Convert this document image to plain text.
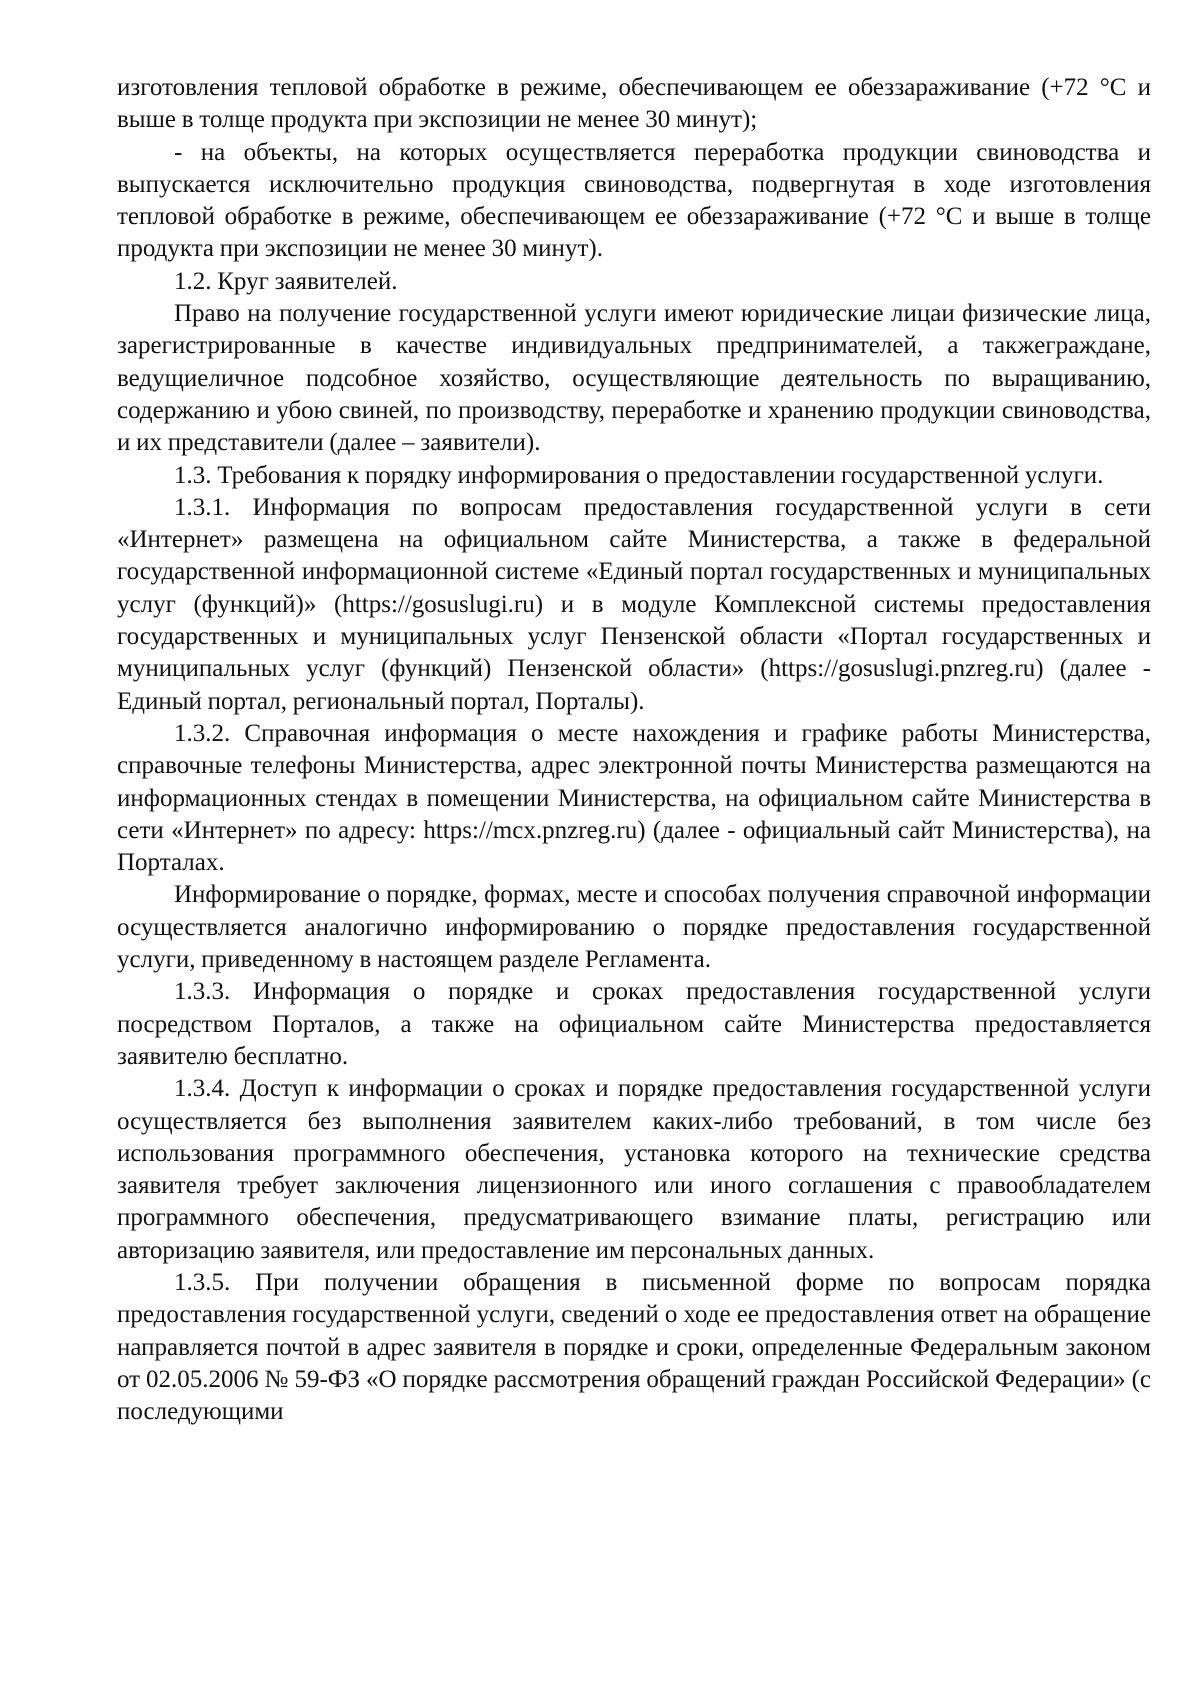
изготовления тепловой обработке в режиме, обеспечивающем ее обеззараживание (+72 °С и выше в толще продукта при экспозиции не менее 30 минут);

- на объекты, на которых осуществляется переработка продукции свиноводства и выпускается исключительно продукция свиноводства, подвергнутая в ходе изготовления тепловой обработке в режиме, обеспечивающем ее обеззараживание (+72 °С и выше в толще продукта при экспозиции не менее 30 минут).

1.2. Круг заявителей.

Право на получение государственной услуги имеют юридические лицаи физические лица, зарегистрированные в качестве индивидуальных предпринимателей, а такжеграждане, ведущиеличное подсобное хозяйство, осуществляющие деятельность по выращиванию, содержанию и убою свиней, по производству, переработке и хранению продукции свиноводства, и их представители (далее – заявители).

1.3. Требования к порядку информирования о предоставлении государственной услуги.

1.3.1. Информация по вопросам предоставления государственной услуги в сети «Интернет» размещена на официальном сайте Министерства, а также в федеральной государственной информационной системе «Единый портал государственных и муниципальных услуг (функций)» (https://gosuslugi.ru) и в модуле Комплексной системы предоставления государственных и муниципальных услуг Пензенской области «Портал государственных и муниципальных услуг (функций) Пензенской области» (https://gosuslugi.pnzreg.ru) (далее - Единый портал, региональный портал, Порталы).

1.3.2. Справочная информация о месте нахождения и графике работы Министерства, справочные телефоны Министерства, адрес электронной почты Министерства размещаются на информационных стендах в помещении Министерства, на официальном сайте Министерства в сети «Интернет» по адресу: https://mcx.pnzreg.ru) (далее - официальный сайт Министерства), на Порталах.

Информирование о порядке, формах, месте и способах получения справочной информации осуществляется аналогично информированию о порядке предоставления государственной услуги, приведенному в настоящем разделе Регламента.

1.3.3. Информация о порядке и сроках предоставления государственной услуги посредством Порталов, а также на официальном сайте Министерства предоставляется заявителю бесплатно.

1.3.4. Доступ к информации о сроках и порядке предоставления государственной услуги осуществляется без выполнения заявителем каких-либо требований, в том числе без использования программного обеспечения, установка которого на технические средства заявителя требует заключения лицензионного или иного соглашения с правообладателем программного обеспечения, предусматривающего взимание платы, регистрацию или авторизацию заявителя, или предоставление им персональных данных.

1.3.5. При получении обращения в письменной форме по вопросам порядка предоставления государственной услуги, сведений о ходе ее предоставления ответ на обращение направляется почтой в адрес заявителя в порядке и сроки, определенные Федеральным законом от 02.05.2006 № 59-ФЗ «О порядке рассмотрения обращений граждан Российской Федерации» (с последующими
